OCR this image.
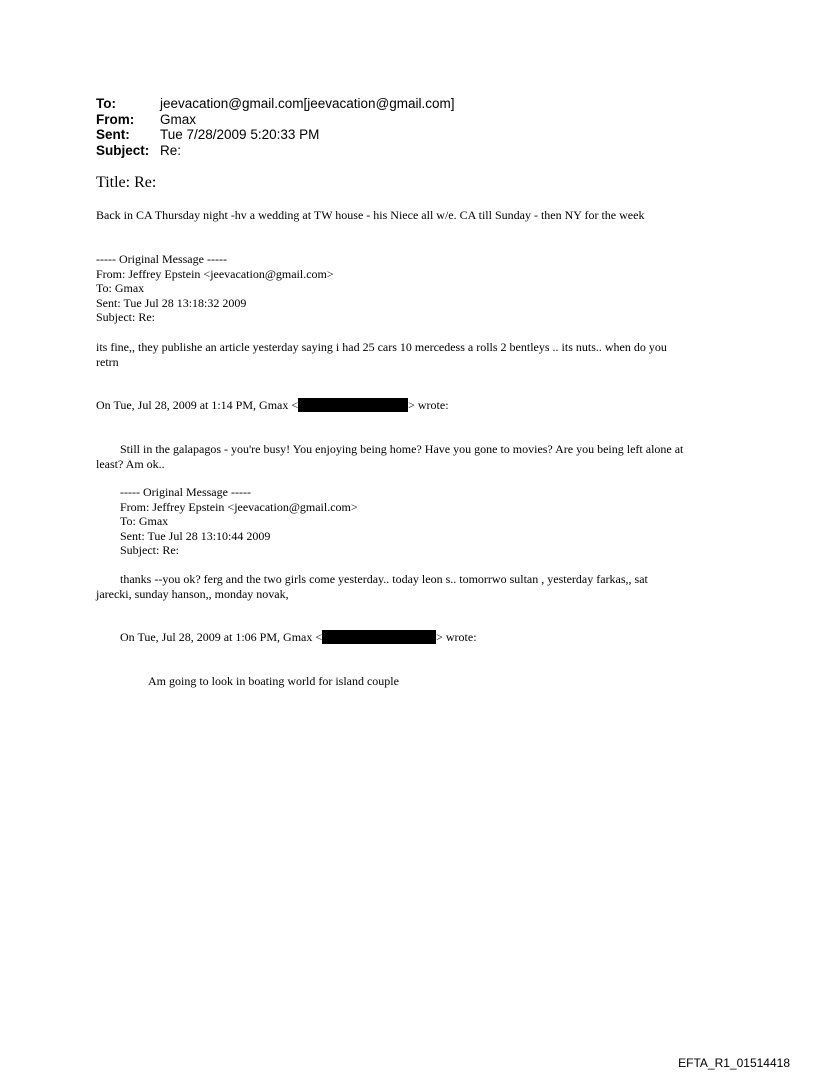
To:	jeevacation@gmail.com[jeevacation@gmail.com]
From:	Gmax
Sent:	Tue 7/28/2009 5:20:33 PM
Subject: Re:
Title: Re:
Back in CA Thursday night -hv a wedding at TW house - his Niece all w/e. CA till Sunday - then NY for the week
----- Original Message -----
From: Jeffrey Epstein <jeevacation@gmail.com>
To: Gmax
Sent: Tue Jul 28 13:18:32 2009
Subject: Re:
its fine,, they publishe an article yesterday saying i had 25 cars 10 mercedess a rolls 2 bentleys .. its nuts.. when do you
retrn
On Tue, Jul 28, 2009 at 1:14 PM, Gmax <	> wrote:
Still in the galapagos - you're busy! You enjoying being home? Have you gone to movies? Are you being left alone at
least? Am ok..
----- Original Message -----
From: Jeffrey Epstein <jeevacation@gmail.com>
To: Gmax
Sent: Tue Jul 28 13:10:44 2009
Subject: Re:
thanks --you ok? ferg and the two girls come yesterday.. today leon s.. tomorrwo sultan , yesterday farkas,, sat
jarecki, sunday hanson,, monday novak,
On Tue, Jul 28, 2009 at 1:06 PM, Gmax <	> wrote:
Am going to look in boating world for island couple
EFTA_R1_01514418
